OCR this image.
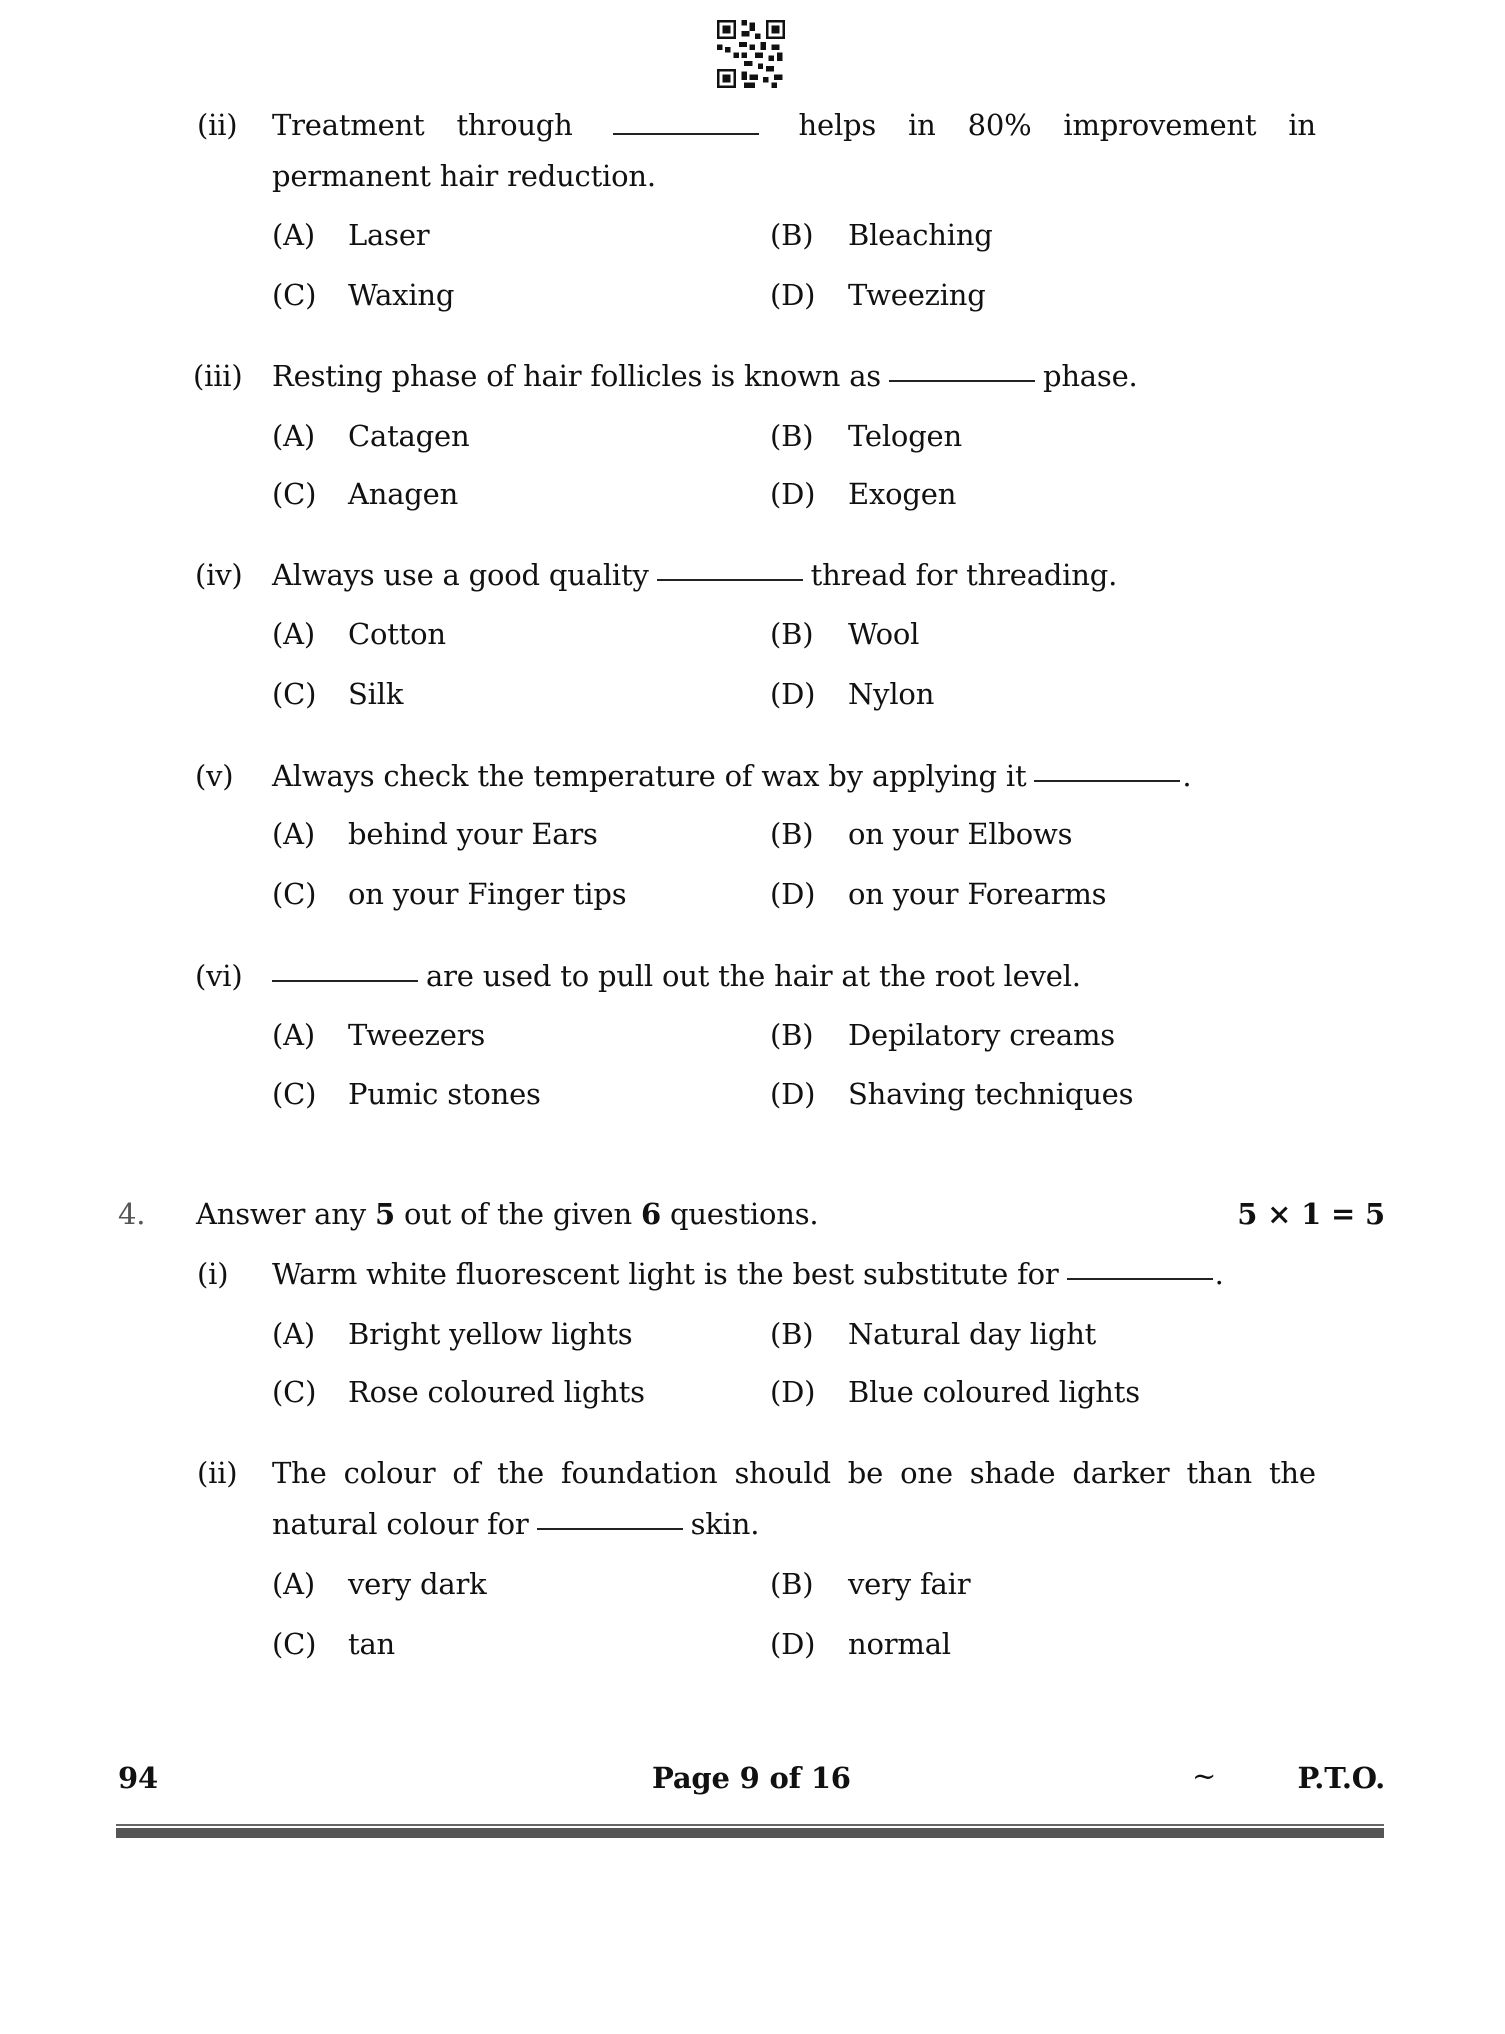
(ii) Treatment through	helps in 80% improvement in
permanent hair reduction.
(A) Laser	(B) Bleaching
(C) Waxing	(D) Tweezing
(iii) Resting phase of hair follicles is known as	phase.
(A) Catagen	(B) Telogen
(C) Anagen	(D) Exogen
(iv) Always use a good quality	thread for threading.
(A) Cotton	(B) Wool
(C) Silk	(D) Nylon
(v) Always check the temperature of wax by applying it	.
(A) behind your Ears	(B) on your Elbows
(C) on your Finger tips	(D) on your Forearms
(vi)	are used to pull out the hair at the root level.
(A) Tweezers	(B) Depilatory creams
(C) Pumic stones	(D) Shaving techniques
4. Answer any 5 out of the given 6 questions.	5 × 1 = 5
(i) Warm white fluorescent light is the best substitute for	.
(A) Bright yellow lights	(B) Natural day light
(C) Rose coloured lights	(D) Blue coloured lights
(ii) The colour of the foundation should be one shade darker than the
natural colour for	skin.
(A) very dark	(B) very fair
(C) tan	(D) normal
94	Page 9 of 16	~	P.T.O.
